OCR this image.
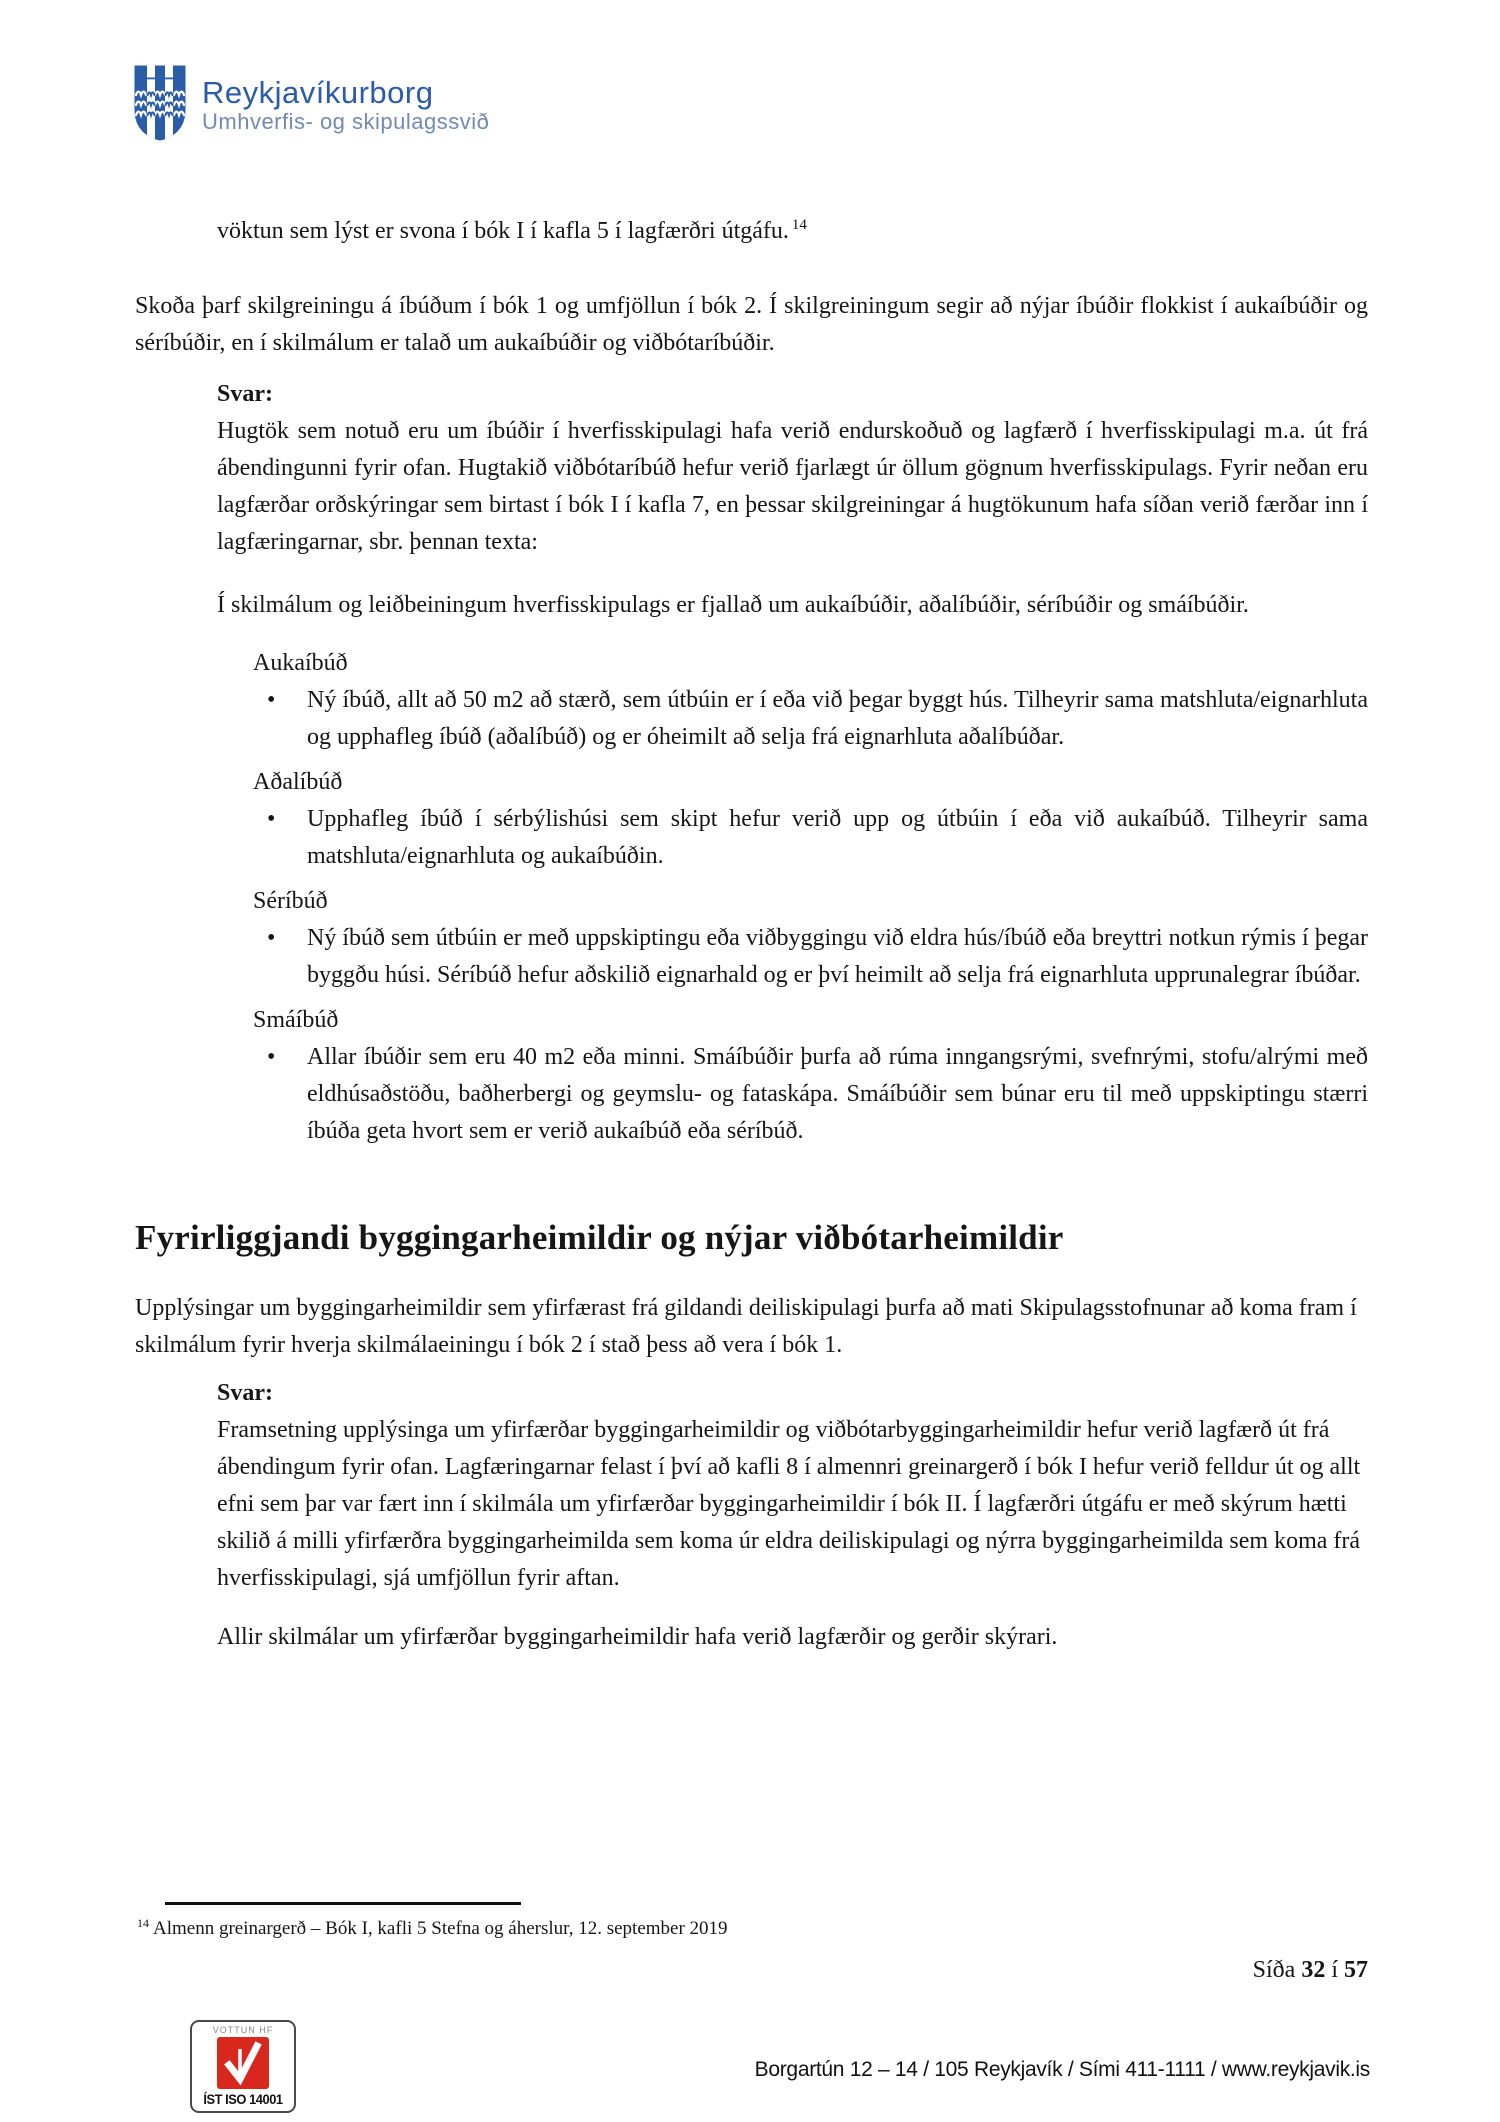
Reykjavíkurborg
Umhverfis- og skipulagssvið

vöktun sem lýst er svona í bók I í kafla 5 í lagfærðri útgáfu. $^{14}$

Skoða þarf skilgreiningu á íbúðum í bók 1 og umfjöllun í bók 2. Í skilgreiningum segir að nýjar íbúðir flokkist í aukaíbúðir og séríbúðir, en í skilmálum er talað um aukaíbúðir og viðbótaríbúðir.

Svar:

Hugtök sem notuð eru um íbúðir í hverfisskipulagi hafa verið endurskoðuð og lagfærð í hverfisskipulagi m.a. út frá ábendingunni fyrir ofan. Hugtakið viðbótaríbúð hefur verið fjarlægt úr öllum gögnum hverfisskipulags. Fyrir neðan eru lagfærðar orðskýringar sem birtast í bók I í kafla 7, en þessar skilgreiningar á hugtökunum hafa síðan verið færðar inn í lagfæringarnar, sbr. þennan texta:

Í skilmálum og leiðbeiningum hverfisskipulags er fjallað um aukaíbúðir, aðalíbúðir, séríbúðir og smáíbúðir.

Aukaíbúð

• Ný íbúð, allt að 50 m2 að stærð, sem útbúin er í eða við þegar byggt hús. Tilheyrir sama matshluta/eignarhluta og upphafleg íbúð (aðalíbúð) og er óheimilt að selja frá eignarhluta aðalíbúðar.

Aðalíbúð

• Upphafleg íbúð í sérbýlishúsi sem skipt hefur verið upp og útbúin í eða við aukaíbúð. Tilheyrir sama matshluta/eignarhluta og aukaíbúðin.

Séríbúð

• Ný íbúð sem útbúin er með uppskiptingu eða viðbyggingu við eldra hús/íbúð eða breyttri notkun rýmis í þegar byggðu húsi. Séríbúð hefur aðskilið eignarhald og er því heimilt að selja frá eignarhluta upprunalegrar íbúðar.

Smáíbúð

• Allar íbúðir sem eru 40 m2 eða minni. Smáíbúðir þurfa að rúma inngangsrými, svefnrými, stofu/alrými með eldhúsaðstöðu, baðherbergi og geymslu- og fataskápa. Smáíbúðir sem búnar eru til með uppskiptingu stærri íbúða geta hvort sem er verið aukaíbúð eða séríbúð.

Fyrirliggjandi byggingarheimildir og nýjar viðbótarheimildir

Upplýsingar um byggingarheimildir sem yfirfærast frá gildandi deiliskipulagi þurfa að mati Skipulagsstofnunar að koma fram í skilmálum fyrir hverja skilmálaeiningu í bók 2 í stað þess að vera í bók 1.

Svar:

Framsetning upplýsinga um yfirfærðar byggingarheimildir og viðbótarbyggingarheimildir hefur verið lagfærð út frá ábendingum fyrir ofan. Lagfæringarnar felast í því að kafli 8 í almennri greinargerð í bók I hefur verið felldur út og allt efni sem þar var fært inn í skilmála um yfirfærðar byggingarheimildir í bók II. Í lagfærðri útgáfu er með skýrum hætti skilið á milli yfirfærðra byggingarheimilda sem koma úr eldra deiliskipulagi og nýrra byggingarheimilda sem koma frá hverfisskipulagi, sjá umfjöllun fyrir aftan.

Allir skilmálar um yfirfærðar byggingarheimildir hafa verið lagfærðir og gerðir skýrari.

$^{14}$ Almenn greinargerð – Bók I, kafli 5 Stefna og áherslur, 12. september 2019
Síða 32 í 57
VOTTUN HF
ÍST ISO 14001
Borgartún 12 – 14 / 105 Reykjavík / Sími 411-1111 / www.reykjavik.is
